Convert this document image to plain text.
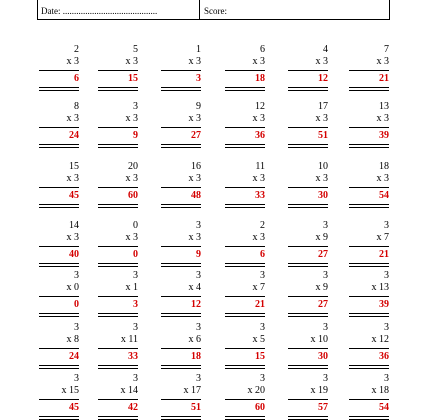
Date: ..........................................	Score:
2
x 3
6
5
x 3
15
1
x 3
3
6
x 3
18
4
x 3
12
7
x 3
21
8
x 3
24
3
x 3
9
9
x 3
27
12
x 3
36
17
x 3
51
13
x 3
39
15
x 3
45
20
x 3
60
16
x 3
48
11
x 3
33
10
x 3
30
18
x 3
54
14
x 3
40
0
x 3
0
3
x 3
9
2
x 3
6
3
x 9
27
3
x 7
21
3
x 0
0
3
x 1
3
3
x 4
12
3
x 7
21
3
x 9
27
3
x 13
39
3
x 8
24
3
x 11
33
3
x 6
18
3
x 5
15
3
x 10
30
3
x 12
36
3
x 15
45
3
x 14
42
3
x 17
51
3
x 20
60
3
x 19
57
3
x 18
54
